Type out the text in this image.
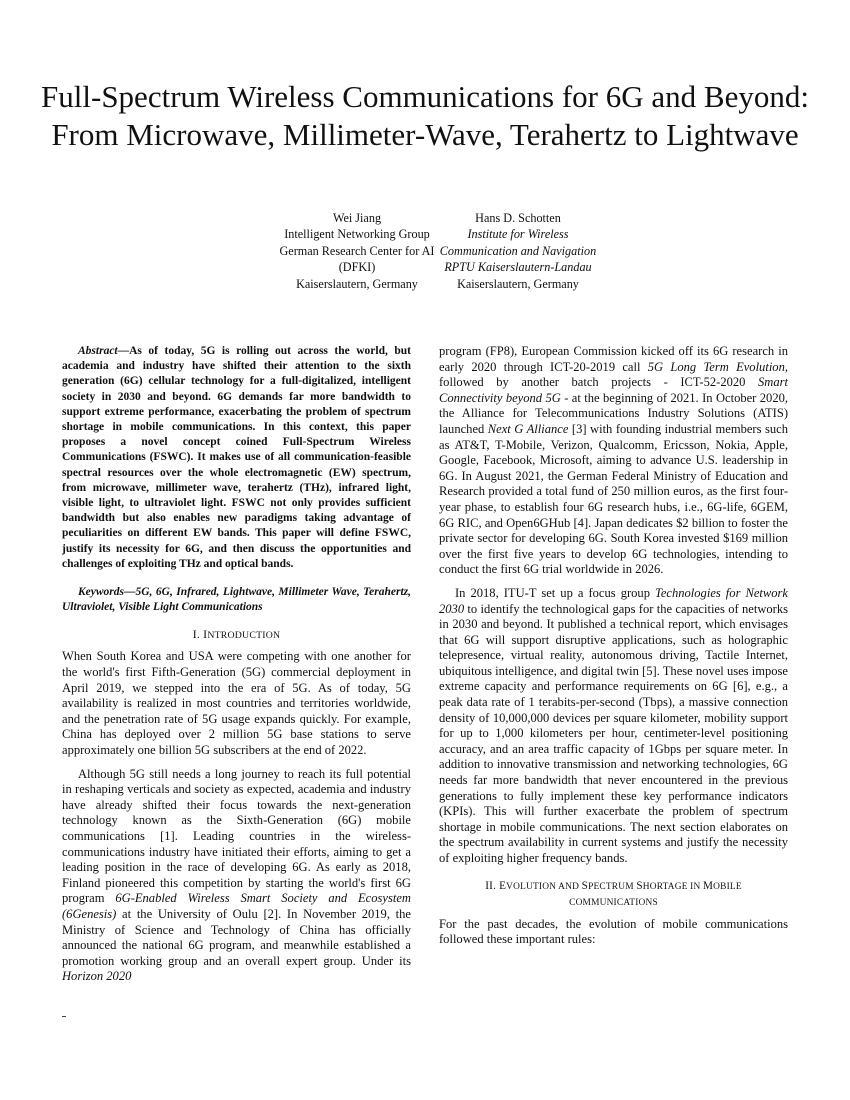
Full-Spectrum Wireless Communications for 6G and Beyond: From Microwave, Millimeter-Wave, Terahertz to Lightwave
Wei Jiang
Intelligent Networking Group
German Research Center for AI
(DFKI)
Kaiserslautern, Germany
Hans D. Schotten
Institute for Wireless
Communication and Navigation
RPTU Kaiserslautern-Landau
Kaiserslautern, Germany

Abstract—As of today, 5G is rolling out across the world, but academia and industry have shifted their attention to the sixth generation (6G) cellular technology for a full-digitalized, intelligent society in 2030 and beyond. 6G demands far more bandwidth to support extreme performance, exacerbating the problem of spectrum shortage in mobile communications. In this context, this paper proposes a novel concept coined Full-Spectrum Wireless Communications (FSWC). It makes use of all communication-feasible spectral resources over the whole electromagnetic (EW) spectrum, from microwave, millimeter wave, terahertz (THz), infrared light, visible light, to ultraviolet light. FSWC not only provides sufficient bandwidth but also enables new paradigms taking advantage of peculiarities on different EW bands. This paper will define FSWC, justify its necessity for 6G, and then discuss the opportunities and challenges of exploiting THz and optical bands.

Keywords—5G, 6G, Infrared, Lightwave, Millimeter Wave, Terahertz, Ultraviolet, Visible Light Communications

I. INTRODUCTION

When South Korea and USA were competing with one another for the world's first Fifth-Generation (5G) commercial deployment in April 2019, we stepped into the era of 5G. As of today, 5G availability is realized in most countries and territories worldwide, and the penetration rate of 5G usage expands quickly. For example, China has deployed over 2 million 5G base stations to serve approximately one billion 5G subscribers at the end of 2022.

Although 5G still needs a long journey to reach its full potential in reshaping verticals and society as expected, academia and industry have already shifted their focus towards the next-generation technology known as the Sixth-Generation (6G) mobile communications [1]. Leading countries in the wireless-communications industry have initiated their efforts, aiming to get a leading position in the race of developing 6G. As early as 2018, Finland pioneered this competition by starting the world's first 6G program 6G-Enabled Wireless Smart Society and Ecosystem (6Genesis) at the University of Oulu [2]. In November 2019, the Ministry of Science and Technology of China has officially announced the national 6G program, and meanwhile established a promotion working group and an overall expert group. Under its Horizon 2020

program (FP8), European Commission kicked off its 6G research in early 2020 through ICT-20-2019 call 5G Long Term Evolution, followed by another batch projects - ICT-52-2020 Smart Connectivity beyond 5G - at the beginning of 2021. In October 2020, the Alliance for Telecommunications Industry Solutions (ATIS) launched Next G Alliance [3] with founding industrial members such as AT&T, T-Mobile, Verizon, Qualcomm, Ericsson, Nokia, Apple, Google, Facebook, Microsoft, aiming to advance U.S. leadership in 6G. In August 2021, the German Federal Ministry of Education and Research provided a total fund of 250 million euros, as the first four-year phase, to establish four 6G research hubs, i.e., 6G-life, 6GEM, 6G RIC, and Open6GHub [4]. Japan dedicates $2 billion to foster the private sector for developing 6G. South Korea invested $169 million over the first five years to develop 6G technologies, intending to conduct the first 6G trial worldwide in 2026.

In 2018, ITU-T set up a focus group Technologies for Network 2030 to identify the technological gaps for the capacities of networks in 2030 and beyond. It published a technical report, which envisages that 6G will support disruptive applications, such as holographic telepresence, virtual reality, autonomous driving, Tactile Internet, ubiquitous intelligence, and digital twin [5]. These novel uses impose extreme capacity and performance requirements on 6G [6], e.g., a peak data rate of 1 terabits-per-second (Tbps), a massive connection density of 10,000,000 devices per square kilometer, mobility support for up to 1,000 kilometers per hour, centimeter-level positioning accuracy, and an area traffic capacity of 1Gbps per square meter. In addition to innovative transmission and networking technologies, 6G needs far more bandwidth that never encountered in the previous generations to fully implement these key performance indicators (KPIs). This will further exacerbate the problem of spectrum shortage in mobile communications. The next section elaborates on the spectrum availability in current systems and justify the necessity of exploiting higher frequency bands.

II. EVOLUTION AND SPECTRUM SHORTAGE IN MOBILE
COMMUNICATIONS

For the past decades, the evolution of mobile communications followed these important rules:
